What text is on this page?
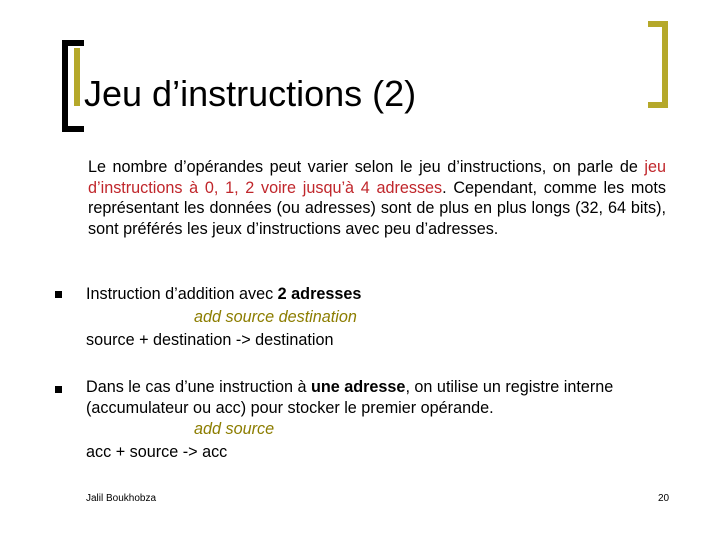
Jeu d’instructions (2)
Le nombre d’opérandes peut varier selon le jeu d’instructions, on parle de jeu d’instructions à 0, 1, 2 voire jusqu’à 4 adresses. Cependant, comme les mots représentant les données (ou adresses) sont de plus en plus longs (32, 64 bits), sont préférés les jeux d’instructions avec peu d’adresses.
Instruction d’addition avec 2 adresses
add source destination
source + destination -> destination
Dans le cas d’une instruction à une adresse, on utilise un registre interne (accumulateur ou acc) pour stocker le premier opérande.
add source
acc + source -> acc
Jalil Boukhobza	20
